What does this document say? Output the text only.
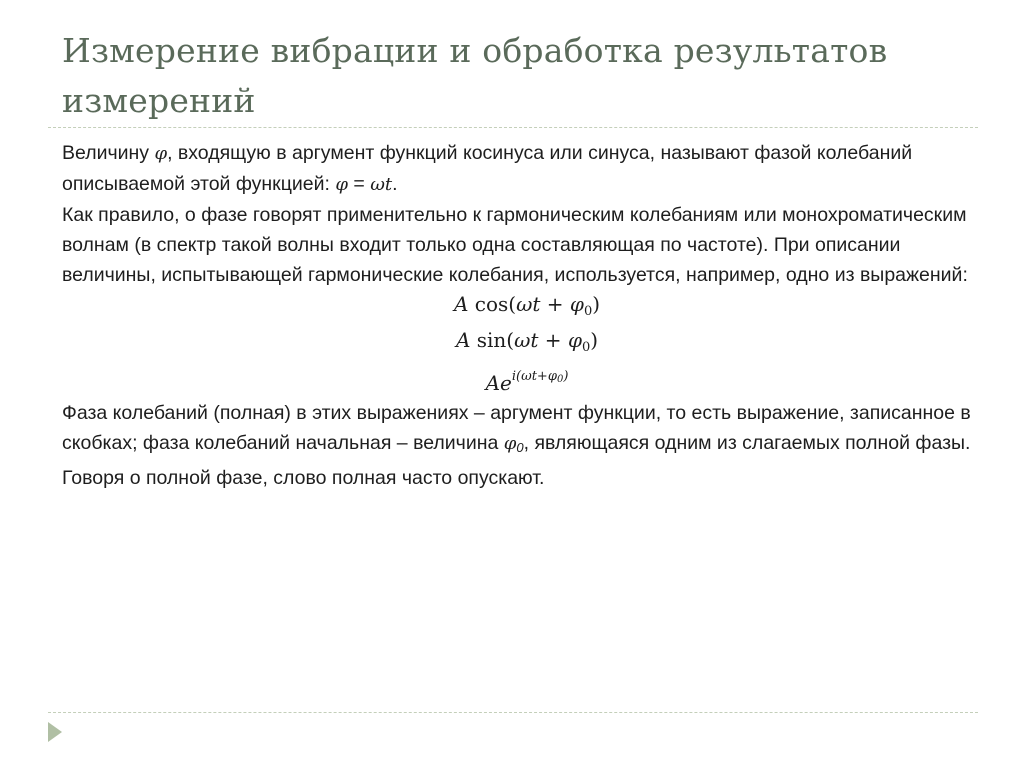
Измерение вибрации и обработка результатов измерений

Величину φ, входящую в аргумент функций косинуса или синуса, называют фазой колебаний описываемой этой функцией: φ = ωt.

Как правило, о фазе говорят применительно к гармоническим колебаниям или монохроматическим волнам (в спектр такой волны входит только одна составляющая по частоте). При описании величины, испытывающей гармонические колебания, используется, например, одно из выражений:

A $\cos(\omega t + \varphi_0)$
A $\sin(\omega t + \varphi_0)$
$Ae^{i(\omega t+\varphi 0)}$

Фаза колебаний (полная) в этих выражениях – аргумент функции, то есть выражение, записанное в скобках; фаза колебаний начальная – величина $\varphi_0$, являющаяся одним из слагаемых полной фазы. Говоря о полной фазе, слово полная часто опускают.
